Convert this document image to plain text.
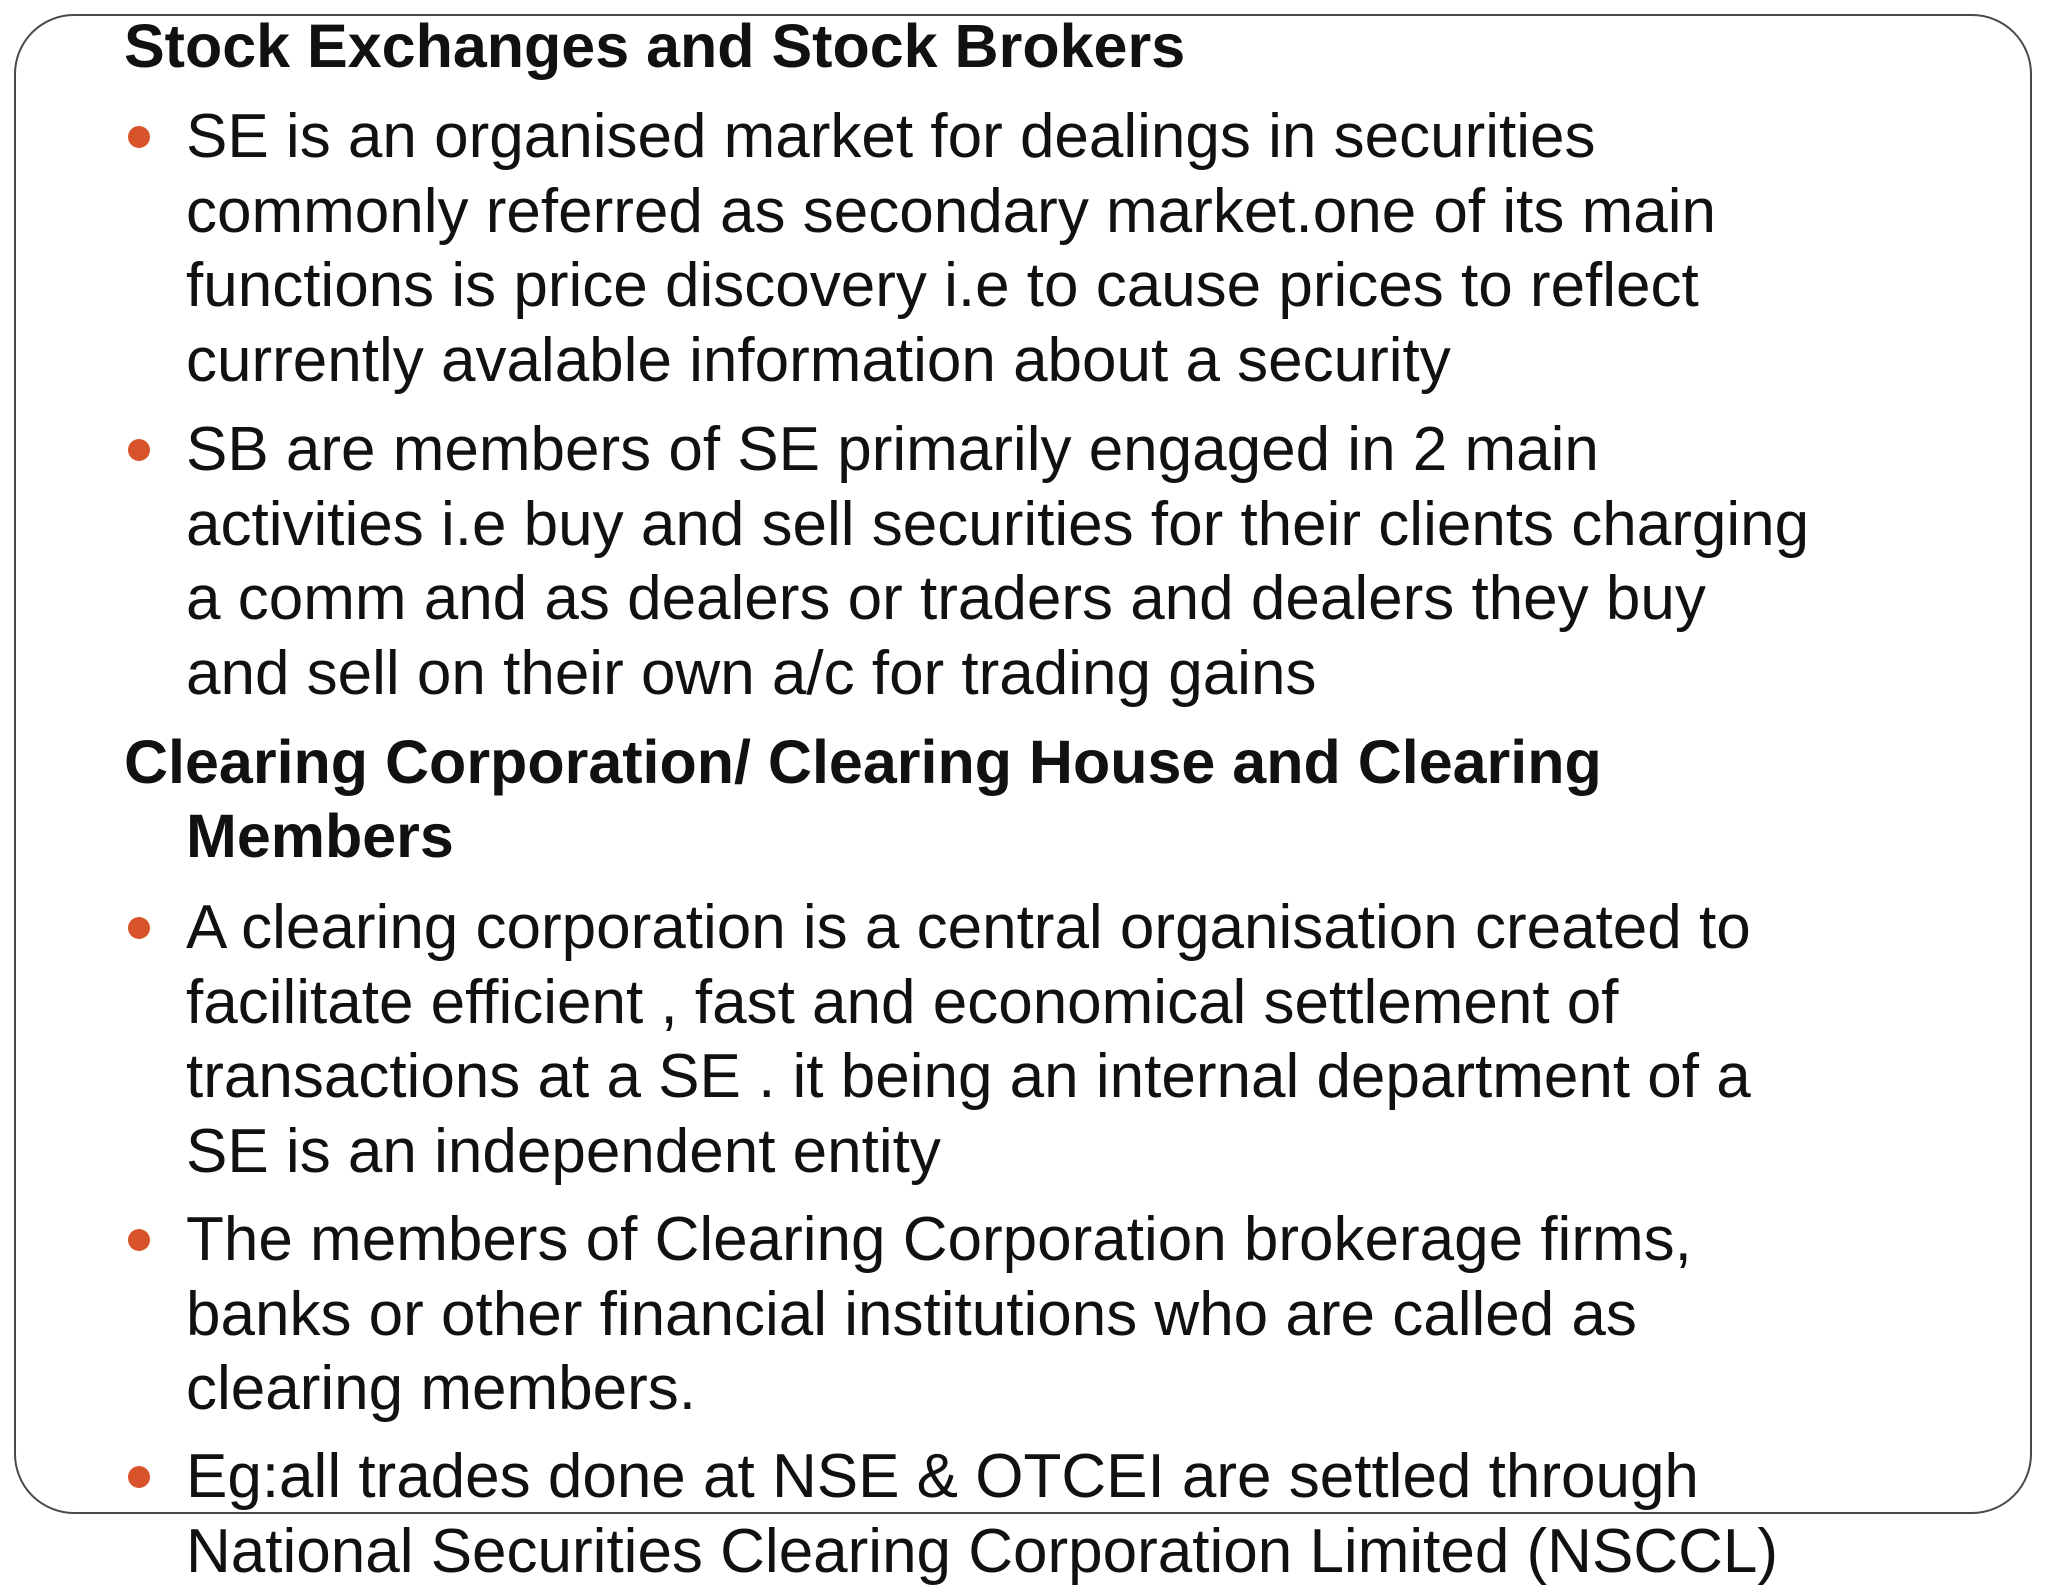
Stock Exchanges and Stock Brokers
SE is an organised market for dealings in securities
commonly referred as secondary market.one of its main
functions is price discovery i.e to cause prices to reflect
currently avalable information about a security
SB are members of SE primarily engaged in 2 main
activities i.e buy and sell securities for their clients charging
a comm and as dealers or traders and dealers they buy
and sell on their own a/c for trading gains
Clearing Corporation/ Clearing House and Clearing
Members
A clearing corporation is a central organisation created to
facilitate efficient , fast and economical settlement of
transactions at a SE . it being an internal department of a
SE is an independent entity
The members of Clearing Corporation brokerage firms,
banks or other financial institutions who are called as
clearing members.
Eg:all trades done at NSE & OTCEI are settled through
National Securities Clearing Corporation Limited (NSCCL)
